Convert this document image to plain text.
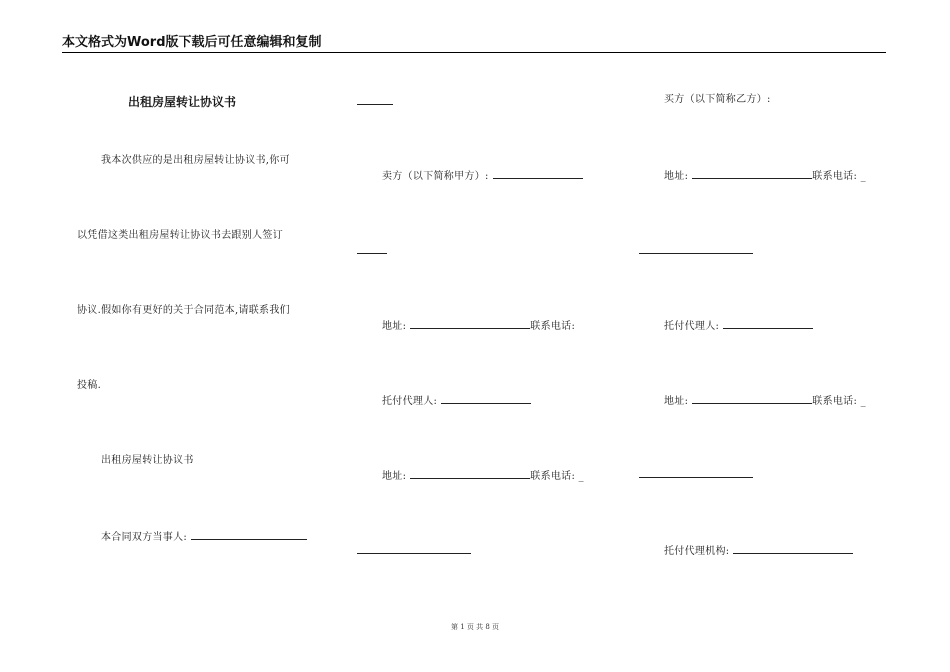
本文格式为Word版下载后可任意编辑和复制
出租房屋转让协议书
我本次供应的是出租房屋转让协议书,你可
以凭借这类出租房屋转让协议书去跟别人签订
协议.假如你有更好的关于合同范本,请联系我们
投稿.
出租房屋转让协议书
本合同双方当事人:
卖方（以下简称甲方）:
地址:	联系电话:
托付代理人:
地址:	联系电话: _
买方（以下简称乙方）:
地址:	联系电话: _
托付代理人:
地址:	联系电话: _
托付代理机构:
第 1 页 共 8 页
